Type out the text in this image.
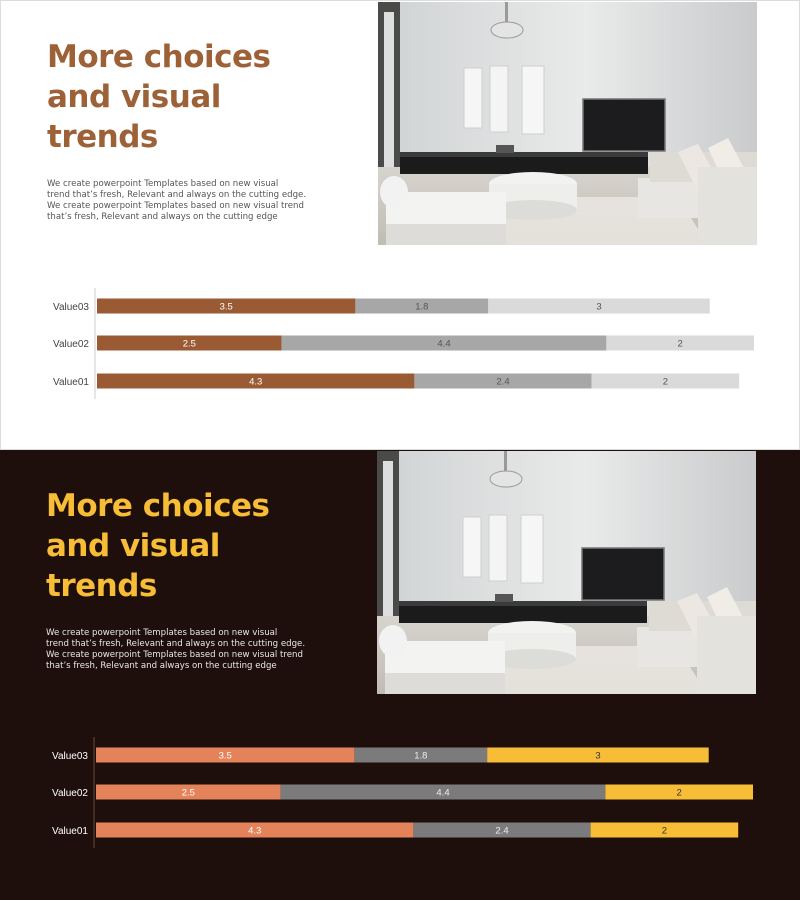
More choices
and visual
trends
We create powerpoint Templates based on new visual
trend that’s fresh, Relevant and always on the cutting edge.
We create powerpoint Templates based on new visual trend
that’s fresh, Relevant and always on the cutting edge
Value03	3.5	1.8	3
Value02	2.5	4.4	2
Value01	4.3	2.4	2
More choices
and visual
trends
We create powerpoint Templates based on new visual
trend that’s fresh, Relevant and always on the cutting edge.
We create powerpoint Templates based on new visual trend
that’s fresh, Relevant and always on the cutting edge
Value03	3.5	1.8	3
Value02	2.5	4.4	2
Value01	4.3	2.4	2
